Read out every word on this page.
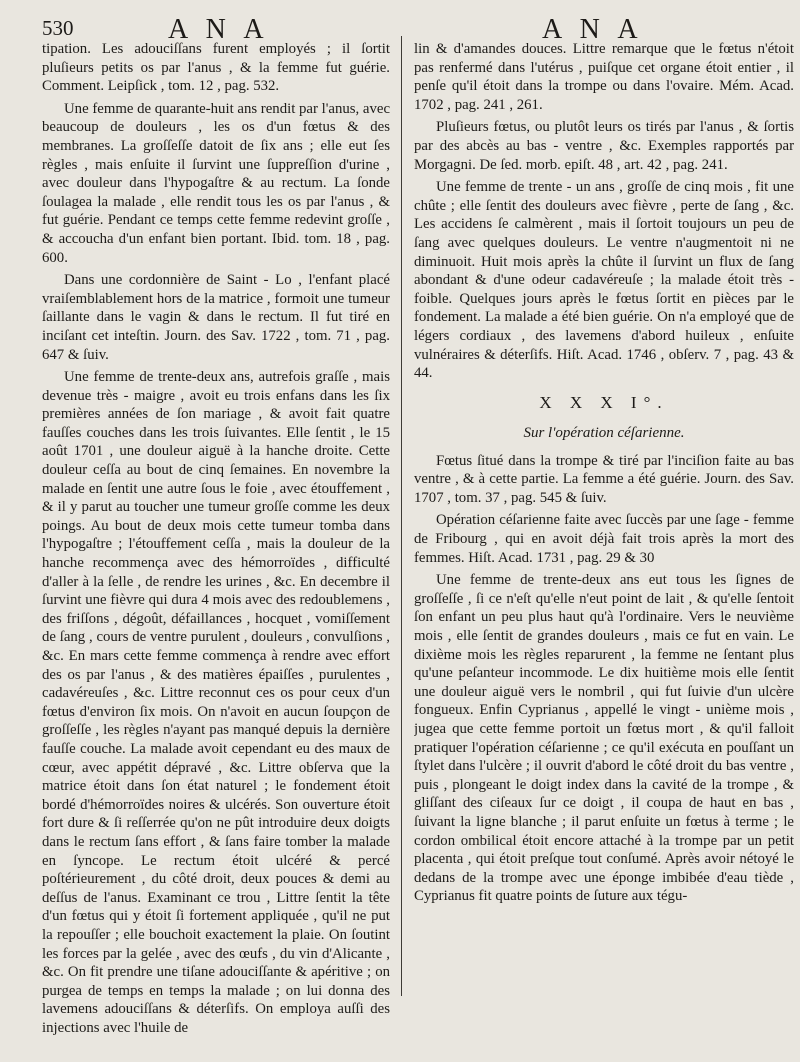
530	A N A	A N A

tipation. Les adouciſſans furent employés ; il ſortit pluſieurs petits os par l'anus , & la femme fut guérie. Comment. Leipſick , tom. 12 , pag. 532.

Une femme de quarante-huit ans rendit par l'anus, avec beaucoup de douleurs , les os d'un fœtus & des membranes. La groſſeſſe datoit de ſix ans ; elle eut ſes règles , mais enſuite il ſurvint une ſuppreſſion d'urine , avec douleur dans l'hypogaſtre & au rectum. La ſonde ſoulagea la malade , elle rendit tous les os par l'anus , & fut guérie. Pendant ce temps cette femme redevint groſſe , & accoucha d'un enfant bien portant. Ibid. tom. 18 , pag. 600.

Dans une cordonnière de Saint - Lo , l'enfant placé vraiſemblablement hors de la matrice , formoit une tumeur ſaillante dans le vagin & dans le rectum. Il fut tiré en inciſant cet inteſtin. Journ. des Sav. 1722 , tom. 71 , pag. 647 & ſuiv.

Une femme de trente-deux ans, autrefois graſſe , mais devenue très - maigre , avoit eu trois enfans dans les ſix premières années de ſon mariage , & avoit fait quatre fauſſes couches dans les trois ſuivantes. Elle ſentit , le 15 août 1701 , une douleur aiguë à la hanche droite. Cette douleur ceſſa au bout de cinq ſemaines. En novembre la malade en ſentit une autre ſous le foie , avec étouffement , & il y parut au toucher une tumeur groſſe comme les deux poings. Au bout de deux mois cette tumeur tomba dans l'hypogaſtre ; l'étouffement ceſſa , mais la douleur de la hanche recommença avec des hémorroïdes , difficulté d'aller à la ſelle , de rendre les urines , &c. En decembre il ſurvint une fièvre qui dura 4 mois avec des redoublemens , des friſſons , dégoût, défaillances , hocquet , vomiſſement de ſang , cours de ventre purulent , douleurs , convulſions , &c. En mars cette femme commença à rendre avec effort des os par l'anus , & des matières épaiſſes , purulentes , cadavéreuſes , &c. Littre reconnut ces os pour ceux d'un fœtus d'environ ſix mois. On n'avoit en aucun ſoupçon de groſſeſſe , les règles n'ayant pas manqué depuis la dernière fauſſe couche. La malade avoit cependant eu des maux de cœur, avec appétit dépravé , &c. Littre obſerva que la matrice étoit dans ſon état naturel ; le fondement étoit bordé d'hémorroïdes noires & ulcérés. Son ouverture étoit fort dure & ſi reſſerrée qu'on ne pût introduire deux doigts dans le rectum ſans effort , & ſans faire tomber la malade en ſyncope. Le rectum étoit ulcéré & percé poſtérieurement , du côté droit, deux pouces & demi au deſſus de l'anus. Examinant ce trou , Littre ſentit la tête d'un fœtus qui y étoit ſi fortement appliquée , qu'il ne put la repouſſer ; elle bouchoit exactement la plaie. On ſoutint les forces par la gelée , avec des œufs , du vin d'Alicante , &c. On fit prendre une tiſane adouciſſante & apéritive ; on purgea de temps en temps la malade ; on lui donna des lavemens adouciſſans & déterſifs. On employa auſſi des injections avec l'huile de

lin & d'amandes douces. Littre remarque que le fœtus n'étoit pas renfermé dans l'utérus , puiſque cet organe étoit entier , il penſe qu'il étoit dans la trompe ou dans l'ovaire. Mém. Acad. 1702 , pag. 241 , 261.

Pluſieurs fœtus, ou plutôt leurs os tirés par l'anus , & ſortis par des abcès au bas - ventre , &c. Exemples rapportés par Morgagni. De ſed. morb. epiſt. 48 , art. 42 , pag. 241.

Une femme de trente - un ans , groſſe de cinq mois , fit une chûte ; elle ſentit des douleurs avec fièvre , perte de ſang , &c. Les accidens ſe calmèrent , mais il ſortoit toujours un peu de ſang avec quelques douleurs. Le ventre n'augmentoit ni ne diminuoit. Huit mois après la chûte il ſurvint un flux de ſang abondant & d'une odeur cadavéreuſe ; la malade étoit très - foible. Quelques jours après le fœtus ſortit en pièces par le fondement. La malade a été bien guérie. On n'a employé que de légers cordiaux , des lavemens d'abord huileux , enſuite vulnéraires & déterſifs. Hiſt. Acad. 1746 , obſerv. 7 , pag. 43 & 44.

X X X I°.
Sur l'opération céſarienne.

Fœtus ſitué dans la trompe & tiré par l'inciſion faite au bas ventre , & à cette partie. La femme a été guérie. Journ. des Sav. 1707 , tom. 37 , pag. 545 & ſuiv.

Opération céſarienne faite avec ſuccès par une ſage - femme de Fribourg , qui en avoit déjà fait trois après la mort des femmes. Hiſt. Acad. 1731 , pag. 29 & 30

Une femme de trente-deux ans eut tous les ſignes de groſſeſſe , ſi ce n'eſt qu'elle n'eut point de lait , & qu'elle ſentoit ſon enfant un peu plus haut qu'à l'ordinaire. Vers le neuvième mois , elle ſentit de grandes douleurs , mais ce fut en vain. Le dixième mois les règles reparurent , la femme ne ſentant plus qu'une peſanteur incommode. Le dix huitième mois elle ſentit une douleur aiguë vers le nombril , qui fut ſuivie d'un ulcère fongueux. Enfin Cyprianus , appellé le vingt - unième mois , jugea que cette femme portoit un fœtus mort , & qu'il falloit pratiquer l'opération céſarienne ; ce qu'il exécuta en pouſſant un ſtylet dans l'ulcère ; il ouvrit d'abord le côté droit du bas ventre , puis , plongeant le doigt index dans la cavité de la trompe , & gliſſant des ciſeaux ſur ce doigt , il coupa de haut en bas , ſuivant la ligne blanche ; il parut enſuite un fœtus à terme ; le cordon ombilical étoit encore attaché à la trompe par un petit placenta , qui étoit preſque tout conſumé. Après avoir nétoyé le dedans de la trompe avec une éponge imbibée d'eau tiède , Cyprianus fit quatre points de ſuture aux tégu-
